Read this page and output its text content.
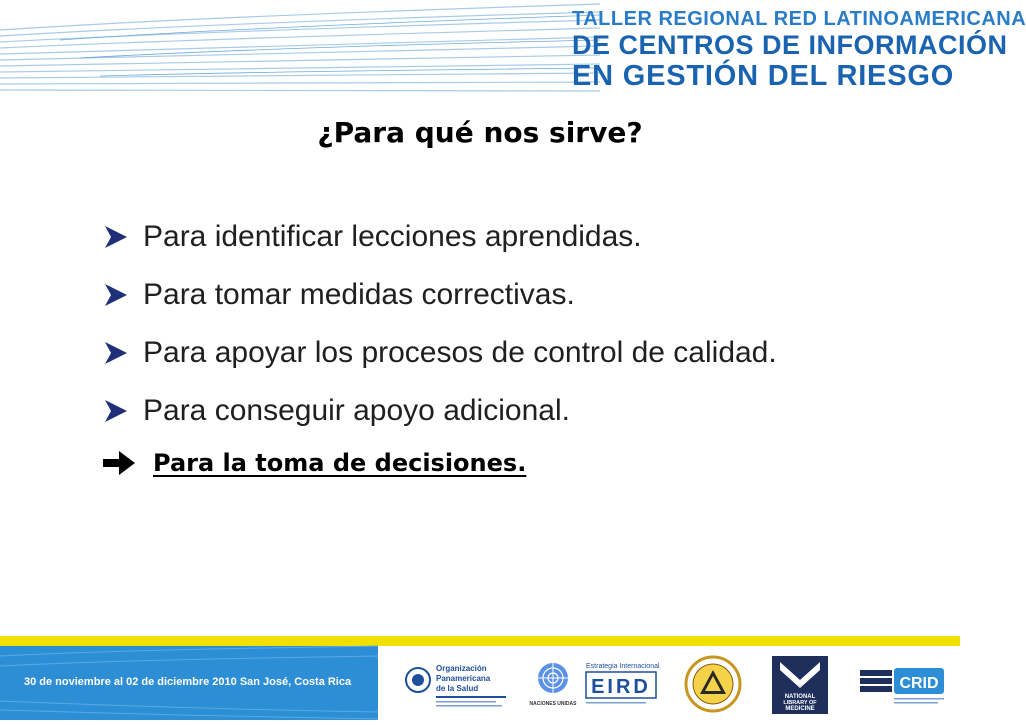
TALLER REGIONAL RED LATINOAMERICANA
DE CENTROS DE INFORMACIÓN
EN GESTIÓN DEL RIESGO
¿Para qué nos sirve?
Para identificar lecciones aprendidas.
Para tomar medidas correctivas.
Para apoyar los procesos de control de calidad.
Para conseguir apoyo adicional.
Para la toma de decisiones.
30 de noviembre al 02 de diciembre 2010 San José, Costa Rica
Organización
Panamericana
de la Salud
NACIONES UNIDAS
Estrategia Internacional
EIRD	NATIONAL
LIBRARY OF
MEDICINE
CRID
